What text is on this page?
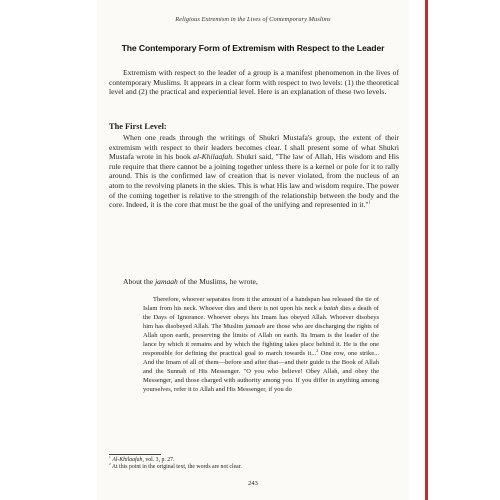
Religious Extremism in the Lives of Contemporary Muslims
The Contemporary Form of Extremism with Respect to the Leader

Extremism with respect to the leader of a group is a manifest phenomenon in the lives of contemporary Muslims. It appears in a clear form with respect to two levels: (1) the theoretical level and (2) the practical and experiential level. Here is an explanation of these two levels.

The First Level:

When one reads through the writings of Shukri Mustafa's group, the extent of their extremism with respect to their leaders becomes clear. I shall present some of what Shukri Mustafa wrote in his book al-Khilaafah. Shukri said, "The law of Allah, His wisdom and His rule require that there cannot be a joining together unless there is a kernel or pole for it to rally around. This is the confirmed law of creation that is never violated, from the nucleus of an atom to the revolving planets in the skies. This is what His law and wisdom require. The power of the coming together is relative to the strength of the relationship between the body and the core. Indeed, it is the core that must be the goal of the unifying and represented in it."$^1$

About the jamaah of the Muslims, he wrote,

Therefore, whoever separates from it the amount of a handspan has released the tie of Islam from his neck. Whoever dies and there is not upon his neck a baiah dies a death of the Days of Ignorance. Whoever obeys his Imam has obeyed Allah. Whoever disobeys him has disobeyed Allah. The Muslim jamaah are those who are discharging the rights of Allah upon earth, preserving the limits of Allah on earth. Its Imam is the leader of the lance by which it remains and by which the fighting takes place behind it. He is the one responsible for defining the practical goal to march towards it...$^2$ One row, one strike... And the Imam of all of them—before and after that—and their guide is the Book of Allah and the Sunnah of His Messenger. "O you who believe! Obey Allah, and obey the Messenger, and those charged with authority among you. If you differ in anything among yourselves, refer it to Allah and His Messenger, if you do

$^1$ Al-Khilaafah, vol. 3, p. 27.

$^2$ At this point in the original text, the words are not clear.

243
